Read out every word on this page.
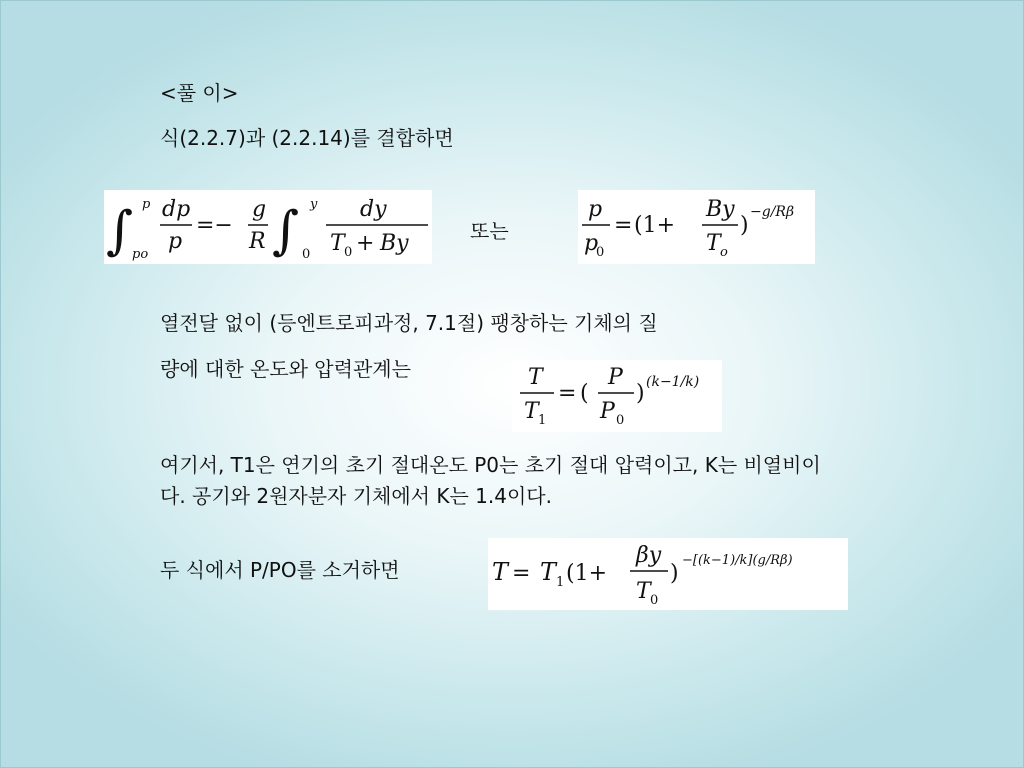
<풀 이>
식(2.2.7)과 (2.2.14)를 결합하면
∫ p
po
dp
p
=−
g
R ∫ y
0
dy
T 0 + By	또는
p
p
0
= (1+
By
T o
)
−g/Rβ
열전달 없이 (등엔트로피과정, 7.1절) 팽창하는 기체의 질
량에 대한 온도와 압력관계는	T
T 1
= (
P
P 0
) (k−1/k)
여기서, T1은 연기의 초기 절대온도 P0는 초기 절대 압력이고, K는 비열비이다. 공기와 2원자분자 기체에서 K는 1.4이다.
두 식에서 P/PO를 소거하면	T = T 1 (1+
βy
T 0
)
−[(k−1)/k](g/Rβ)
